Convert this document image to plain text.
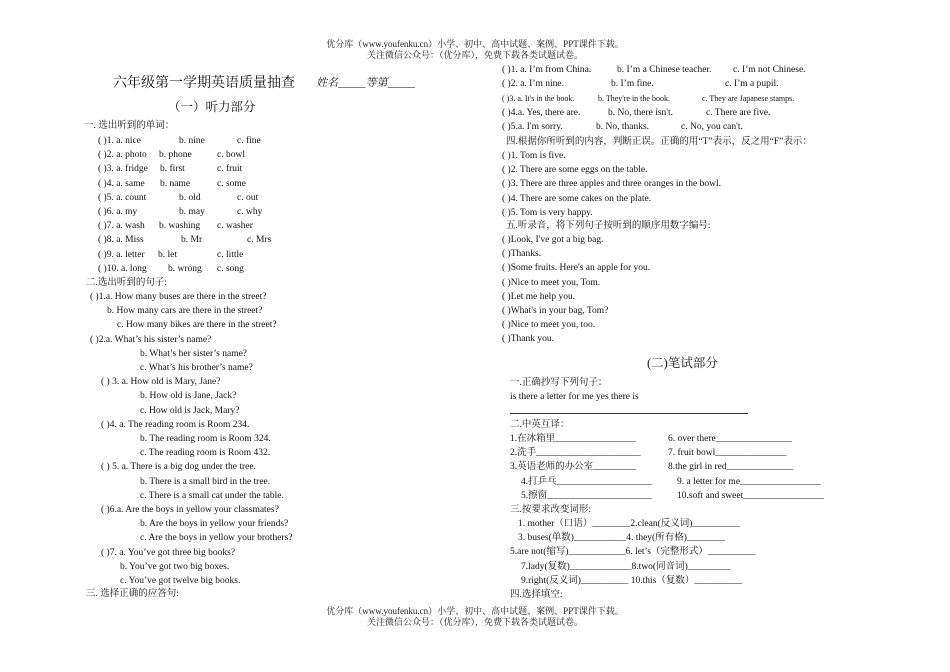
优分库（www.youfenku.cn）小学、初中、高中试题、案例、PPT课件下载。
关注微信公众号：（优分库），免费下载各类试题试卷。
六年级第一学期英语质量抽查 姓名_____等第_____
（一）听力部分
一. 选出听到的单词：
( )1. a. nice	b. nine	c. fine
( )2. a. photo b. phone	c. bowl
( )3. a. fridge b. first	c. fruit
( )4. a. same b. name	c. some
( )5. a. count	b. old	c. out
( )6. a. my	b. may	c. why
( )7. a. wash b. washing c. washer
( )8. a. Miss	b. Mr	c. Mrs
( )9. a. letter b. let	c. little
( )10. a. long b. wrong c. song
二.选出听到的句子:
( )1.a. How many buses are there in the street?
b. How many cars are there in the street?
c. How many bikes are there in the street?
( )2.a. What’s his sister’s name?
b. What’s her sister’s name?
c. What’s his brother’s name?
( ) 3. a. How old is Mary, Jane?
b. How old is Jane, Jack?
c. How old is Jack, Mary?
( )4. a. The reading room is Room 234.
b. The reading room is Room 324.
c. The reading room is Room 432.
( ) 5. a. There is a big dog under the tree.
b. There is a small bird in the tree.
c. There is a small cat under the table.
( )6.a. Are the boys in yellow your classmates?
b. Are the boys in yellow your friends?
c. Are the boys in yellow your brothers?
( )7. a. You’ve got three big books?
b. You’ve got two big boxes.
c. You’ve got twelve big books.
三. 选择正确的应答句:
( )1. a. I’m from China.	b. I’m a Chinese teacher. c. I’m not Chinese.
( )2. a. I’m nine.	b. I’m fine.	c. I’m a pupil.
( )3. a. It's in the book.	b. They're in the book.	c. They are Japanese stamps.
( )4.a. Yes, there are.	b. No, there isn't.	c. There are five.
( )5.a. I'm sorry.	b. No, thanks.	c. No, you can't.
四.根据你所听到的内容，判断正误。正确的用“T”表示，反之用“F”表示：
( )1. Tom is five.
( )2. There are some eggs on the table.
( )3. There are three apples and three oranges in the bowl.
( )4. There are some cakes on the plate.
( )5. Tom is very happy.
五.听录音，将下列句子按听到的顺序用数字编号:
( )Look, I've got a big bag.
( )Thanks.
( )Some fruits. Here's an apple for you.
( )Nice to meet you, Tom.
( )Let me help you.
( )What's in your bag, Tom?
( )Nice to meet you, too.
( )Thank you.
(二)笔试部分
一.正确抄写下列句子：
is there a letter for me yes there is
二.中英互译：
1.在冰箱里_________________	6. over there________________
2.洗手______________________	7. fruit bowl_______________
3.英语老师的办公室_________	8.the girl in red______________
4.打乒乓____________________	9. a letter for me_________________
5.擦窗______________________	10.soft and sweet_________________
三.按要求改变词形:
1. mother（口语）________2.clean(反义词)__________
3. buses(单数)___________4. they(所有格)________
5.are not(缩写)____________6. let’s（完整形式）__________
7.lady(复数)_____________8.two(同音词)_________
9.right(反义词)__________ 10.this（复数）__________
四.选择填空:
优分库（www.youfenku.cn）小学、初中、高中试题、案例、PPT课件下载。
关注微信公众号：（优分库），免费下载各类试题试卷。
